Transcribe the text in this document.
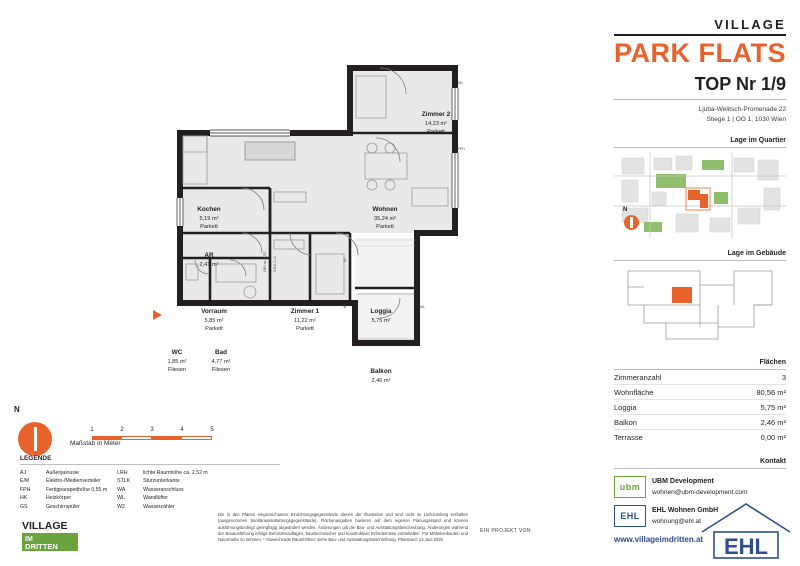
W2
FPH
AJ
AJ
LRH ca. 2,52 STLK 2,10
WL
Zimmer 2
14,23 m²
Parkett
Wohnen
35,24 m²
Parkett
Kochen
5,19 m²
Parkett
AR
2,41 m²
Vorraum
5,85 m²
Parkett
Zimmer 1
11,22 m²
Parkett
Loggia
5,75 m²
WC
1,85 m²
Fliesen
Bad
4,77 m²
Fliesen	Balkon
2,46 m²
N
1	2	3	4	5
Maßstab in Meter
LEGENDE
AJ	Außenjalousie
E/M	Elektro-/Medienverteiler
FPH	Fertigparapetthöhe 0,55 m
HK	Heizkörper
GS	Geschirrspüler
LRH	lichte Raumhöhe ca. 2,52 m
STLK	Sturzunterkante
WA	Wasseranschluss
WL	Wandlüfter
W2	Wasserzähler
VILLAGE
IM
DRITTEN
Die in den Plänen eingezeichneten Einrichtungsgegenstände dienen der Illustration und sind nicht im Lieferumfang enthalten (ausgenommen Sanitäraussattattungsgegenstände). Flächenangaben basieren auf dem eigenen Planungsstand und können ausführungsbedingt geringfügig abgeändert werden. Änderungen gilt die Bau- und Ausstattungsbeschreibung. Änderungen während der Bauausführung infolge Behördenauflagen, baustechnischer und konstruktiver Erfordernisse vorbehalten. Für Möbeleinbauten und Naturmaße zu nehmen. * Abweichende Raumhöhen: siehe Bau- und Ausstattungsbeschreibung. Planstand: 12.Juni 2025
EIN PROJEKT VON
VILLAGE
PARK FLATS
TOP Nr 1/9
Ljuba-Welitsch-Promenade 22
Stiege 1 | OG 1, 1030 Wien
Lage im Quartier
N
Lage im Gebäude
Flächen
Zimmeranzahl	3
Wohnfläche	80,56 m²
Loggia	5,75 m²
Balkon	2,46 m²
Terrasse	0,00 m²
Kontakt
ubm
UBM Development
wohnen@ubm-development.com
EHL
EHL Wohnen GmbH
wohnung@ehl.at
www.villageimdritten.at EHL
